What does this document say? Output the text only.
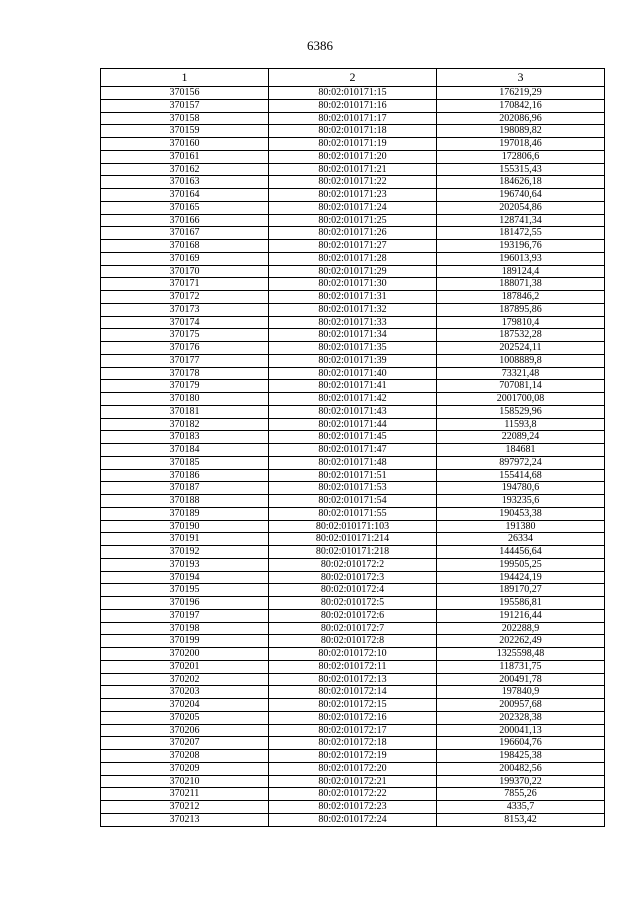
6386
1	2	3
370156	80:02:010171:15	176219,29
370157	80:02:010171:16	170842,16
370158	80:02:010171:17	202086,96
370159	80:02:010171:18	198089,82
370160	80:02:010171:19	197018,46
370161	80:02:010171:20	172806,6
370162	80:02:010171:21	155315,43
370163	80:02:010171:22	184626,18
370164	80:02:010171:23	196740,64
370165	80:02:010171:24	202054,86
370166	80:02:010171:25	128741,34
370167	80:02:010171:26	181472,55
370168	80:02:010171:27	193196,76
370169	80:02:010171:28	196013,93
370170	80:02:010171:29	189124,4
370171	80:02:010171:30	188071,38
370172	80:02:010171:31	187846,2
370173	80:02:010171:32	187895,86
370174	80:02:010171:33	179810,4
370175	80:02:010171:34	187532,28
370176	80:02:010171:35	202524,11
370177	80:02:010171:39	1008889,8
370178	80:02:010171:40	73321,48
370179	80:02:010171:41	707081,14
370180	80:02:010171:42	2001700,08
370181	80:02:010171:43	158529,96
370182	80:02:010171:44	11593,8
370183	80:02:010171:45	22089,24
370184	80:02:010171:47	184681
370185	80:02:010171:48	897972,24
370186	80:02:010171:51	155414,68
370187	80:02:010171:53	194780,6
370188	80:02:010171:54	193235,6
370189	80:02:010171:55	190453,38
370190	80:02:010171:103	191380
370191	80:02:010171:214	26334
370192	80:02:010171:218	144456,64
370193	80:02:010172:2	199505,25
370194	80:02:010172:3	194424,19
370195	80:02:010172:4	189170,27
370196	80:02:010172:5	195586,81
370197	80:02:010172:6	191216,44
370198	80:02:010172:7	202288,9
370199	80:02:010172:8	202262,49
370200	80:02:010172:10	1325598,48
370201	80:02:010172:11	118731,75
370202	80:02:010172:13	200491,78
370203	80:02:010172:14	197840,9
370204	80:02:010172:15	200957,68
370205	80:02:010172:16	202328,38
370206	80:02:010172:17	200041,13
370207	80:02:010172:18	196604,76
370208	80:02:010172:19	198425,38
370209	80:02:010172:20	200482,56
370210	80:02:010172:21	199370,22
370211	80:02:010172:22	7855,26
370212	80:02:010172:23	4335,7
370213	80:02:010172:24	8153,42
